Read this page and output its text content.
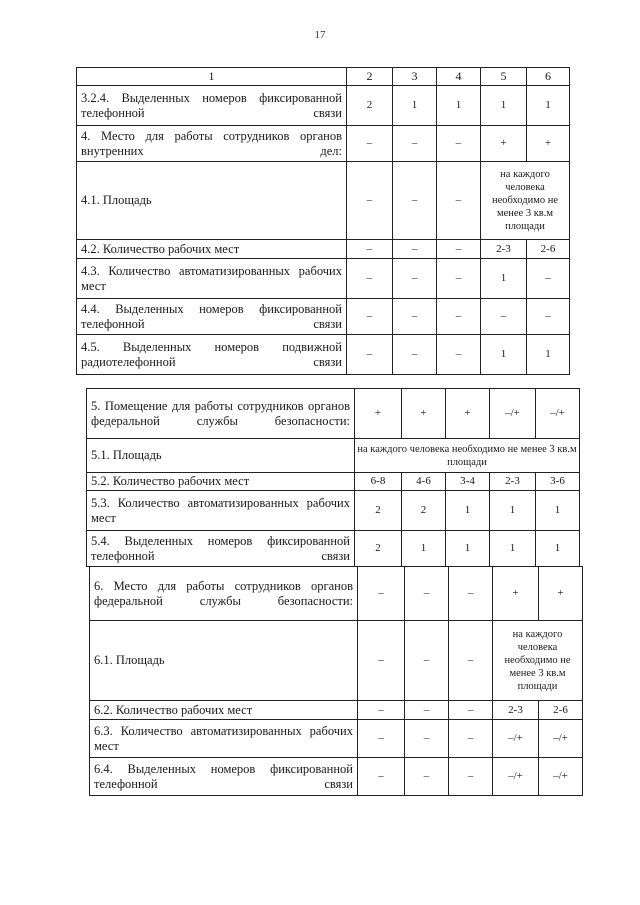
17
1	2	3	4	5	6
3.2.4. Выделенных номеров фиксированной телефонной связи	2	1	1	1	1
4. Место для работы сотрудников органов внутренних дел:	–	–	–	+	+
4.1. Площадь	–	–	–	на каждого человека необходимо не менее 3 кв.м площади	
4.2. Количество рабочих мест	–	–	–	2-3	2-6
4.3. Количество автоматизированных рабочих мест	–	–	–	1	–
4.4. Выделенных номеров фиксированной телефонной связи	–	–	–	–	–
4.5. Выделенных номеров подвижной радиотелефонной связи	–	–	–	1	1
5. Помещение для работы сотрудников органов федеральной службы безопасности:	+	+	+	–/+	–/+
5.1. Площадь	на каждого человека необходимо не менее 3 кв.м площади				
5.2. Количество рабочих мест	6-8	4-6	3-4	2-3	3-6
5.3. Количество автоматизированных рабочих мест	2	2	1	1	1
5.4. Выделенных номеров фиксированной телефонной связи	2	1	1	1	1
6. Место для работы сотрудников органов федеральной службы безопасности:	–	–	–	+	+
6.1. Площадь	–	–	–	на каждого человека необходимо не менее 3 кв.м площади	
6.2. Количество рабочих мест	–	–	–	2-3	2-6
6.3. Количество автоматизированных рабочих мест	–	–	–	–/+	–/+
6.4. Выделенных номеров фиксированной телефонной связи	–	–	–	–/+	–/+
